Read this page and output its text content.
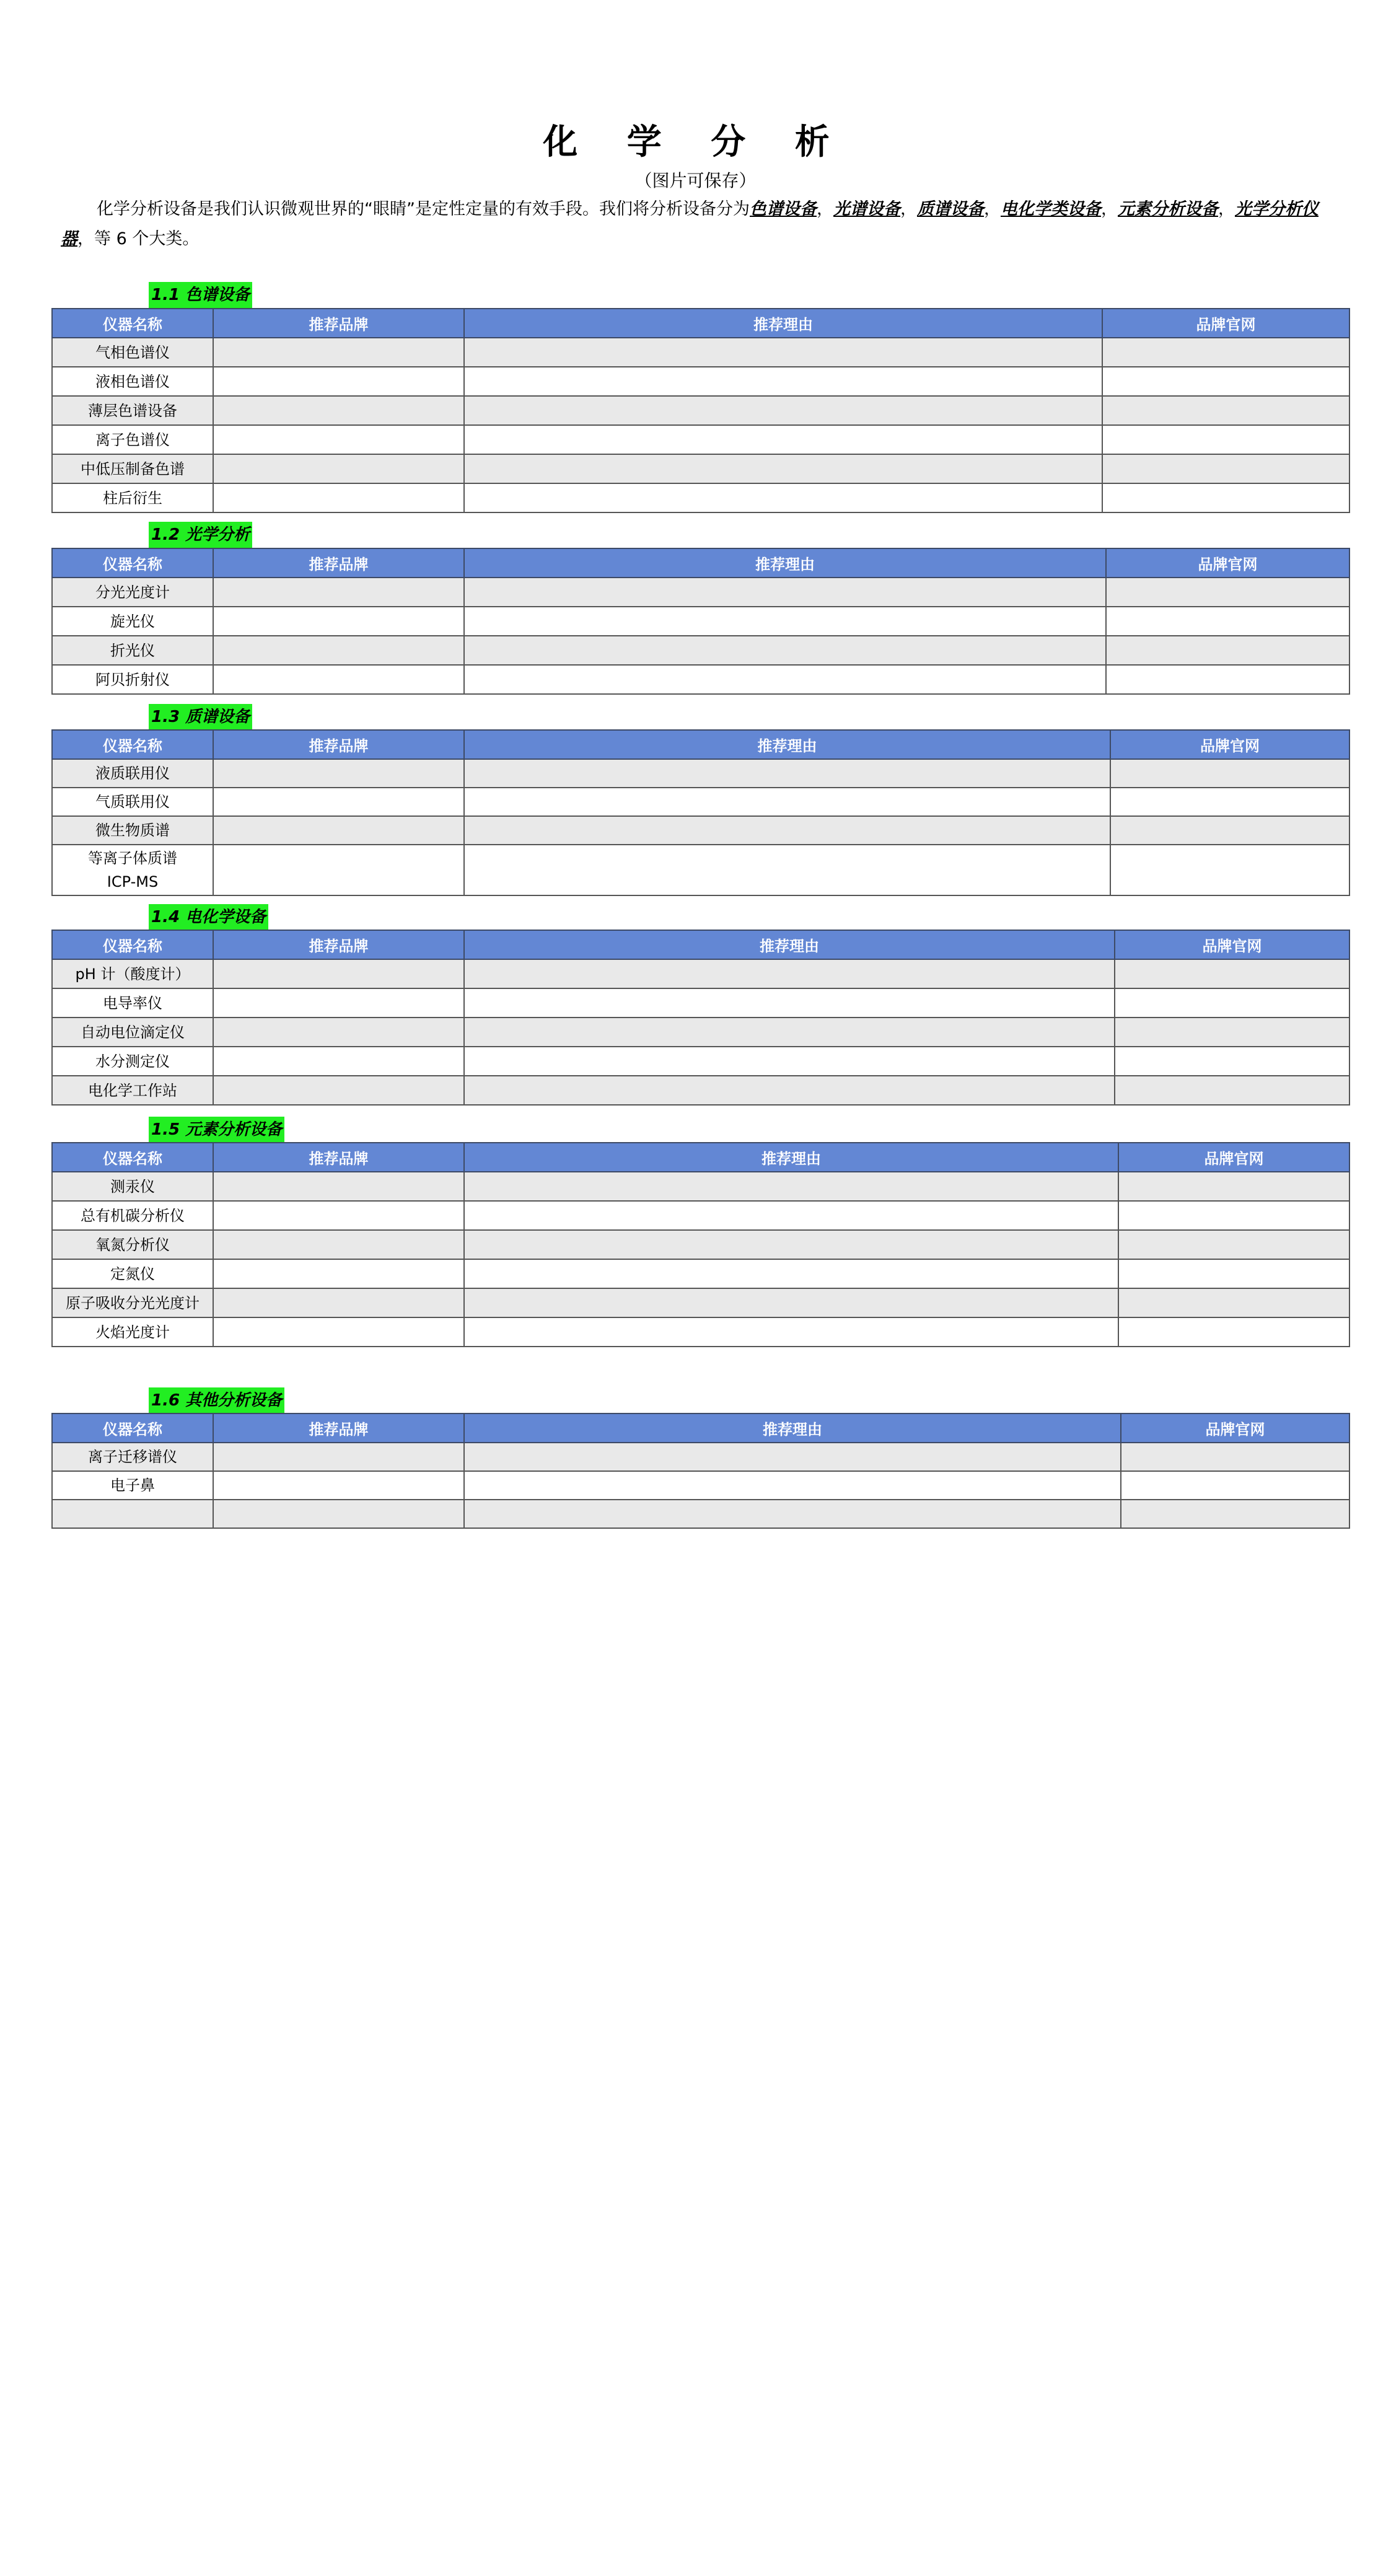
化 学 分 析
（图片可保存）
化学分析设备是我们认识微观世界的“眼睛”是定性定量的有效手段。我们将分析设备分为色谱设备，光谱设备，质谱设备，电化学类设备，元素分析设备，光学分析仪器，等 6 个大类。
1.1 色谱设备
仪器名称	推荐品牌	推荐理由	品牌官网
气相色谱仪			
液相色谱仪			
薄层色谱设备			
离子色谱仪			
中低压制备色谱			
柱后衍生			
1.2 光学分析
仪器名称	推荐品牌	推荐理由	品牌官网
分光光度计			
旋光仪			
折光仪			
阿贝折射仪			
1.3 质谱设备
仪器名称	推荐品牌	推荐理由	品牌官网
液质联用仪			
气质联用仪			
微生物质谱			
等离子体质谱
ICP-MS			
1.4 电化学设备
仪器名称	推荐品牌	推荐理由	品牌官网
pH 计（酸度计）			
电导率仪			
自动电位滴定仪			
水分测定仪			
电化学工作站			
1.5 元素分析设备
仪器名称	推荐品牌	推荐理由	品牌官网
测汞仪			
总有机碳分析仪			
氧氮分析仪			
定氮仪			
原子吸收分光光度计			
火焰光度计			
1.6 其他分析设备
仪器名称	推荐品牌	推荐理由	品牌官网
离子迁移谱仪			
电子鼻			
